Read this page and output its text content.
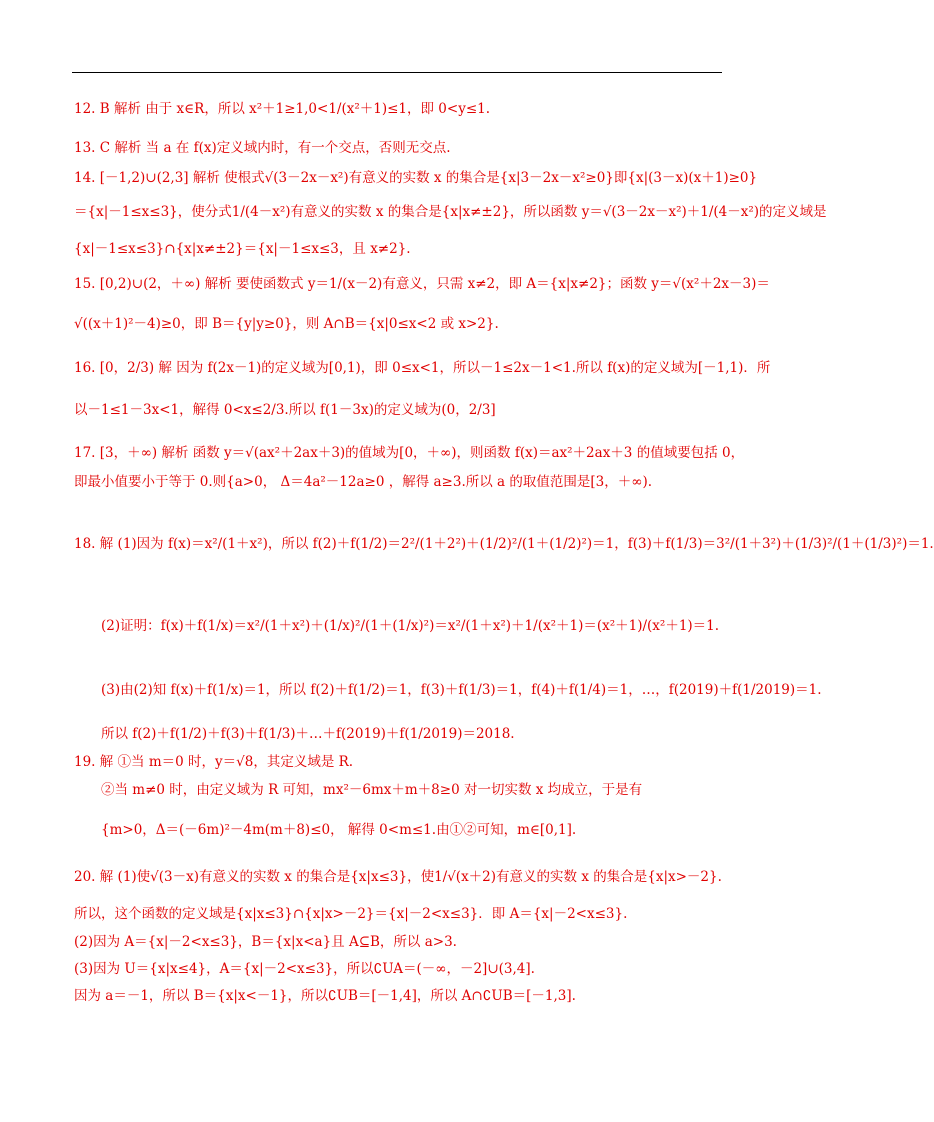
12. B 解析 由于 x∈R，所以 x²＋1≥1,0<1/(x²＋1)≤1，即 0<y≤1.
13. C 解析 当 a 在 f(x)定义域内时，有一个交点，否则无交点.
14. [－1,2)∪(2,3] 解析 使根式√(3－2x－x²)有意义的实数 x 的集合是{x|3－2x－x²≥0}即{x|(3－x)(x＋1)≥0}
＝{x|－1≤x≤3}，使分式1/(4－x²)有意义的实数 x 的集合是{x|x≠±2}，所以函数 y＝√(3－2x－x²)＋1/(4－x²)的定义域是
{x|－1≤x≤3}∩{x|x≠±2}＝{x|－1≤x≤3，且 x≠2}.
15. [0,2)∪(2，＋∞) 解析 要使函数式 y＝1/(x－2)有意义，只需 x≠2，即 A＝{x|x≠2}；函数 y＝√(x²＋2x－3)＝
√((x＋1)²－4)≥0，即 B＝{y|y≥0}，则 A∩B＝{x|0≤x<2 或 x>2}.
16. [0，2/3) 解 因为 f(2x－1)的定义域为[0,1)，即 0≤x<1，所以－1≤2x－1<1.所以 f(x)的定义域为[－1,1)．所
以－1≤1－3x<1，解得 0<x≤2/3.所以 f(1－3x)的定义域为(0，2/3]
17. [3，＋∞) 解析 函数 y＝√(ax²＋2ax＋3)的值域为[0，＋∞)，则函数 f(x)＝ax²＋2ax＋3 的值域要包括 0，
即最小值要小于等于 0.则{a>0， Δ＝4a²－12a≥0 ，解得 a≥3.所以 a 的取值范围是[3，＋∞).
18. 解 (1)因为 f(x)＝x²/(1＋x²)，所以 f(2)＋f(1/2)＝2²/(1＋2²)＋(1/2)²/(1＋(1/2)²)＝1，f(3)＋f(1/3)＝3²/(1＋3²)＋(1/3)²/(1＋(1/3)²)＝1.
(2)证明：f(x)＋f(1/x)＝x²/(1＋x²)＋(1/x)²/(1＋(1/x)²)＝x²/(1＋x²)＋1/(x²＋1)＝(x²＋1)/(x²＋1)＝1.
(3)由(2)知 f(x)＋f(1/x)＝1，所以 f(2)＋f(1/2)＝1，f(3)＋f(1/3)＝1，f(4)＋f(1/4)＝1，…，f(2019)＋f(1/2019)＝1.
所以 f(2)＋f(1/2)＋f(3)＋f(1/3)＋…＋f(2019)＋f(1/2019)＝2018.
19. 解 ①当 m＝0 时，y＝√8，其定义域是 R.
②当 m≠0 时，由定义域为 R 可知，mx²－6mx＋m＋8≥0 对一切实数 x 均成立，于是有
{m>0，Δ＝(－6m)²－4m(m＋8)≤0， 解得 0<m≤1.由①②可知，m∈[0,1].
20. 解 (1)使√(3－x)有意义的实数 x 的集合是{x|x≤3}，使1/√(x＋2)有意义的实数 x 的集合是{x|x>－2}.
所以，这个函数的定义域是{x|x≤3}∩{x|x>－2}＝{x|－2<x≤3}．即 A＝{x|－2<x≤3}.
(2)因为 A＝{x|－2<x≤3}，B＝{x|x<a}且 A⊆B，所以 a>3.
(3)因为 U＝{x|x≤4}，A＝{x|－2<x≤3}，所以∁UA＝(－∞，－2]∪(3,4].
因为 a＝－1，所以 B＝{x|x<－1}，所以∁UB＝[－1,4]，所以 A∩∁UB＝[－1,3].
